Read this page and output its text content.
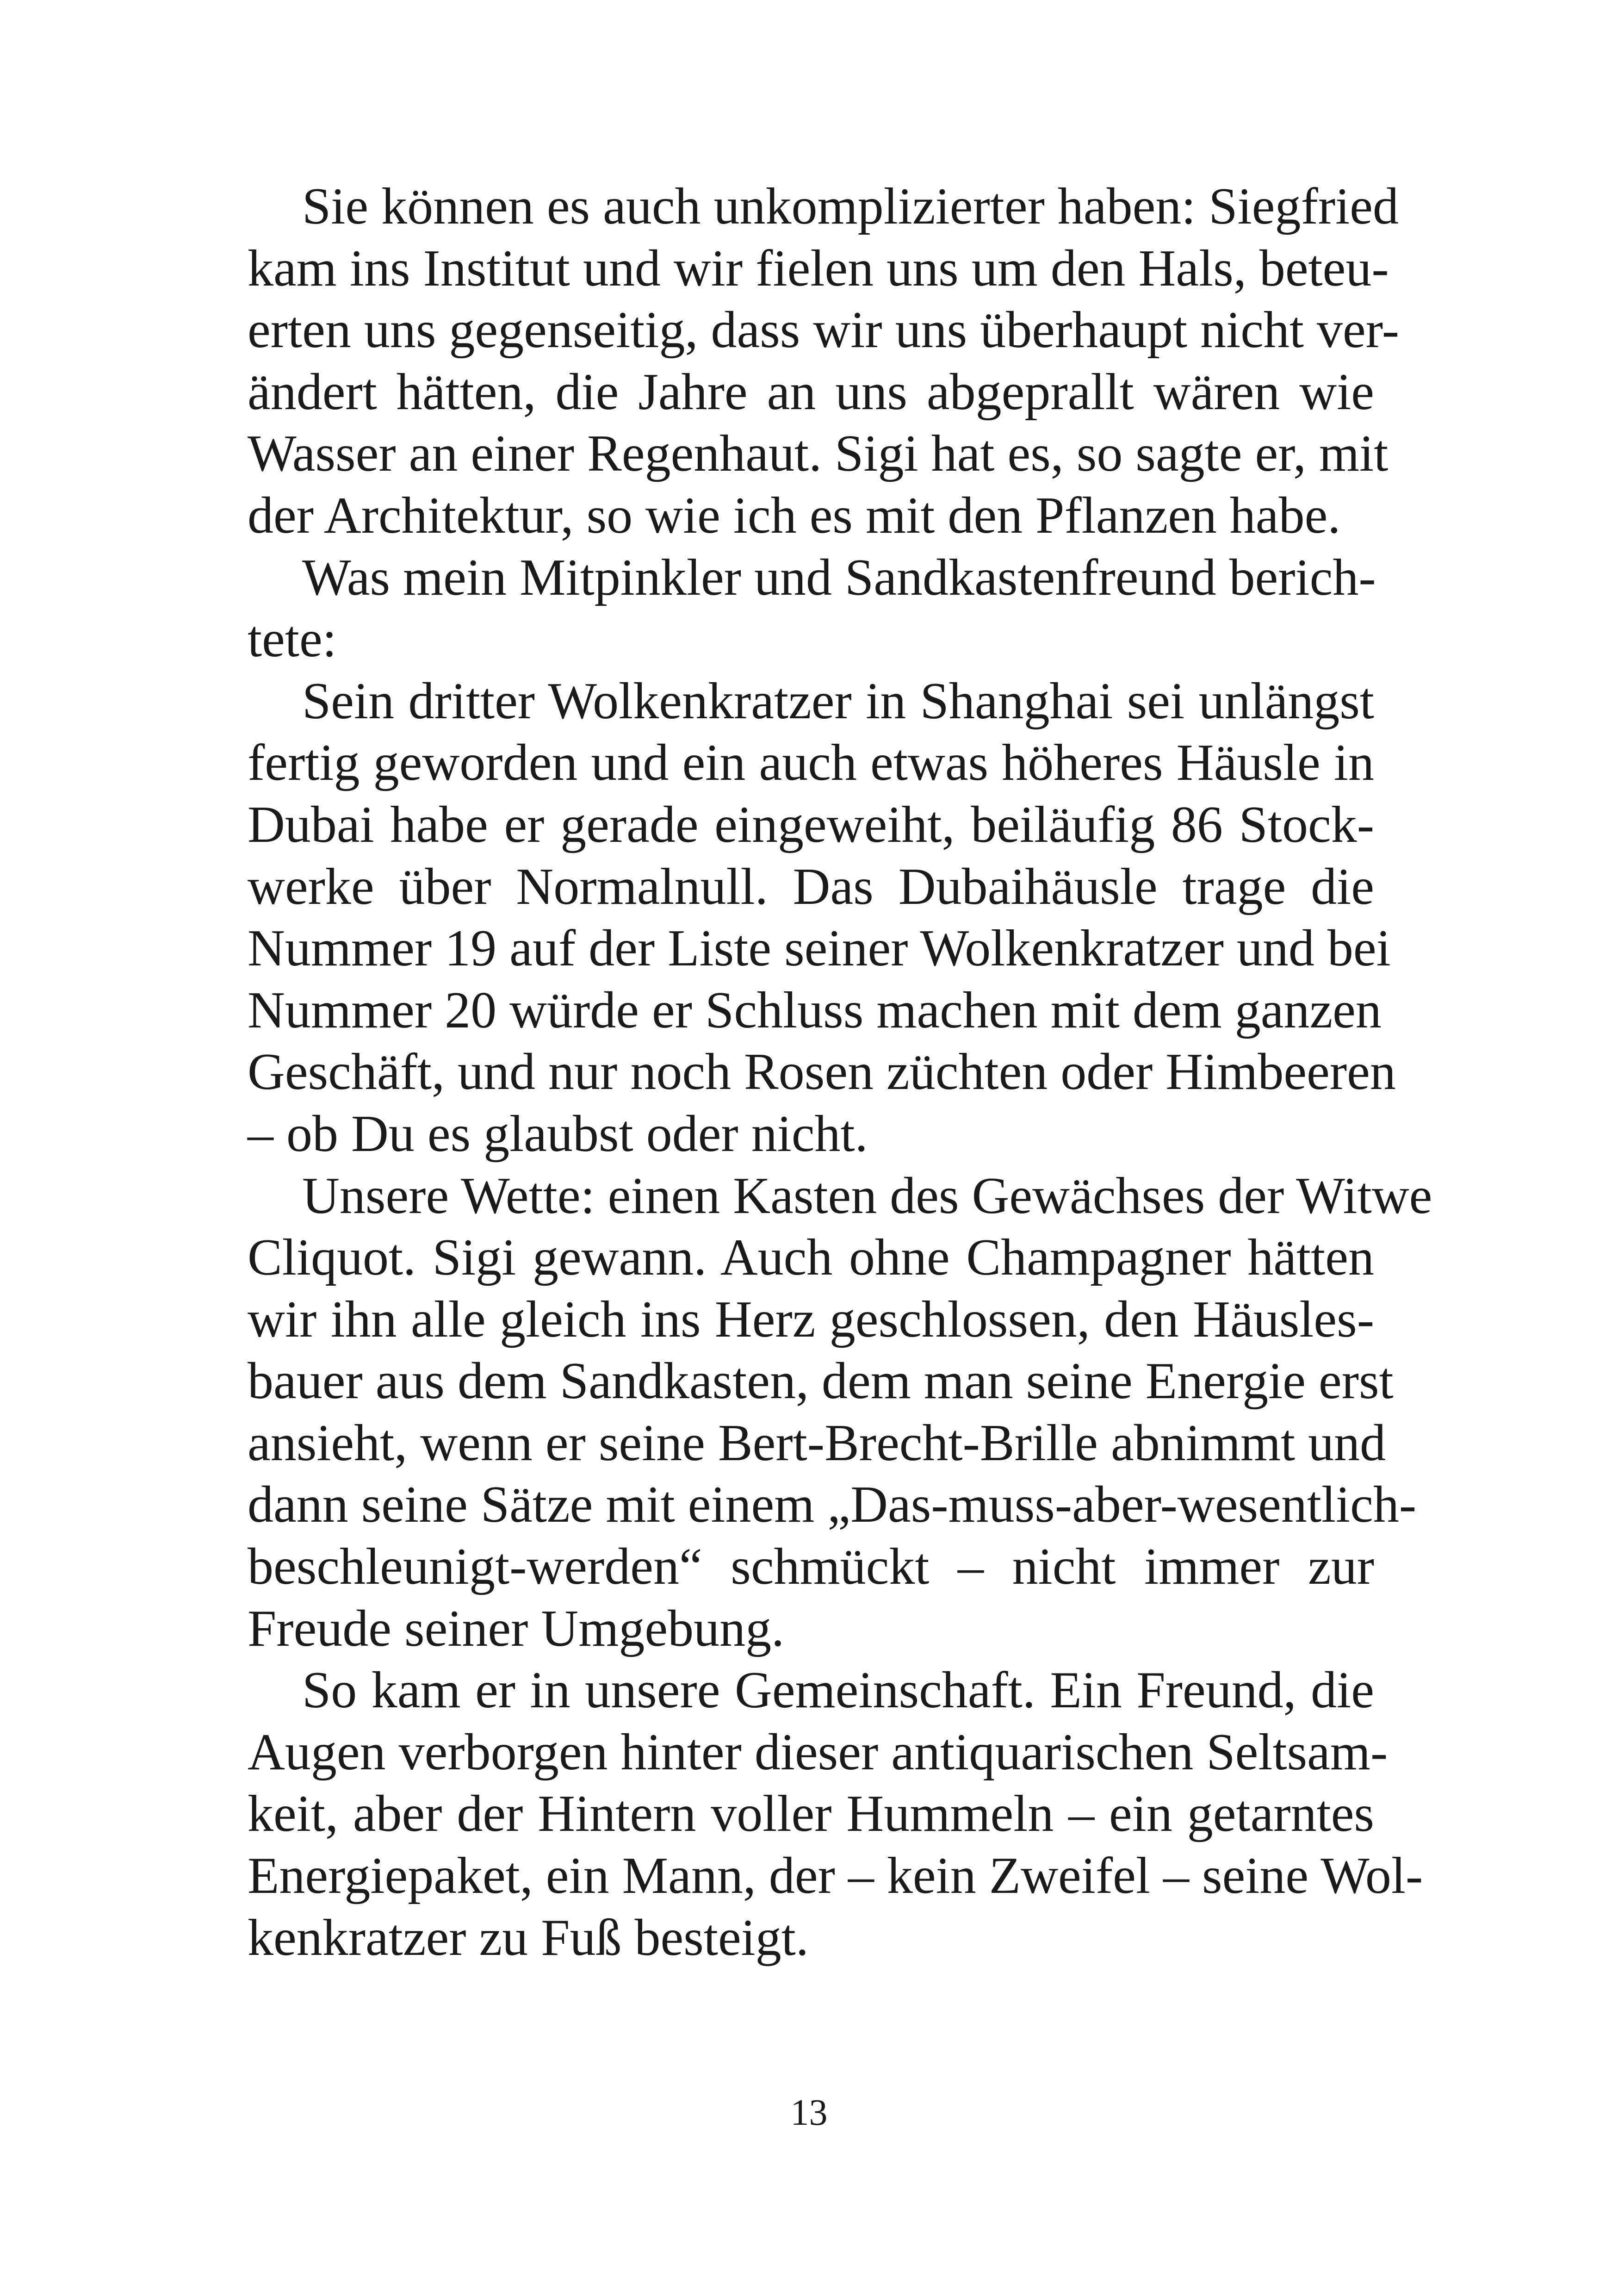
Sie können es auch unkomplizierter haben: Siegfried
kam ins Institut und wir fielen uns um den Hals, beteu-
erten uns gegenseitig, dass wir uns überhaupt nicht ver-
ändert hätten, die Jahre an uns abgeprallt wären wie
Wasser an einer Regenhaut. Sigi hat es, so sagte er, mit
der Architektur, so wie ich es mit den Pflanzen habe.
Was mein Mitpinkler und Sandkastenfreund berich-
tete:
Sein dritter Wolkenkratzer in Shanghai sei unlängst
fertig geworden und ein auch etwas höheres Häusle in
Dubai habe er gerade eingeweiht, beiläufig 86 Stock-
werke über Normalnull. Das Dubaihäusle trage die
Nummer 19 auf der Liste seiner Wolkenkratzer und bei
Nummer 20 würde er Schluss machen mit dem ganzen
Geschäft, und nur noch Rosen züchten oder Himbeeren
– ob Du es glaubst oder nicht.
Unsere Wette: einen Kasten des Gewächses der Witwe
Cliquot. Sigi gewann. Auch ohne Champagner hätten
wir ihn alle gleich ins Herz geschlossen, den Häusles-
bauer aus dem Sandkasten, dem man seine Energie erst
ansieht, wenn er seine Bert-Brecht-Brille abnimmt und
dann seine Sätze mit einem „Das-muss-aber-wesentlich-
beschleunigt-werden“ schmückt – nicht immer zur
Freude seiner Umgebung.
So kam er in unsere Gemeinschaft. Ein Freund, die
Augen verborgen hinter dieser antiquarischen Seltsam-
keit, aber der Hintern voller Hummeln – ein getarntes
Energiepaket, ein Mann, der – kein Zweifel – seine Wol-
kenkratzer zu Fuß besteigt.
13
